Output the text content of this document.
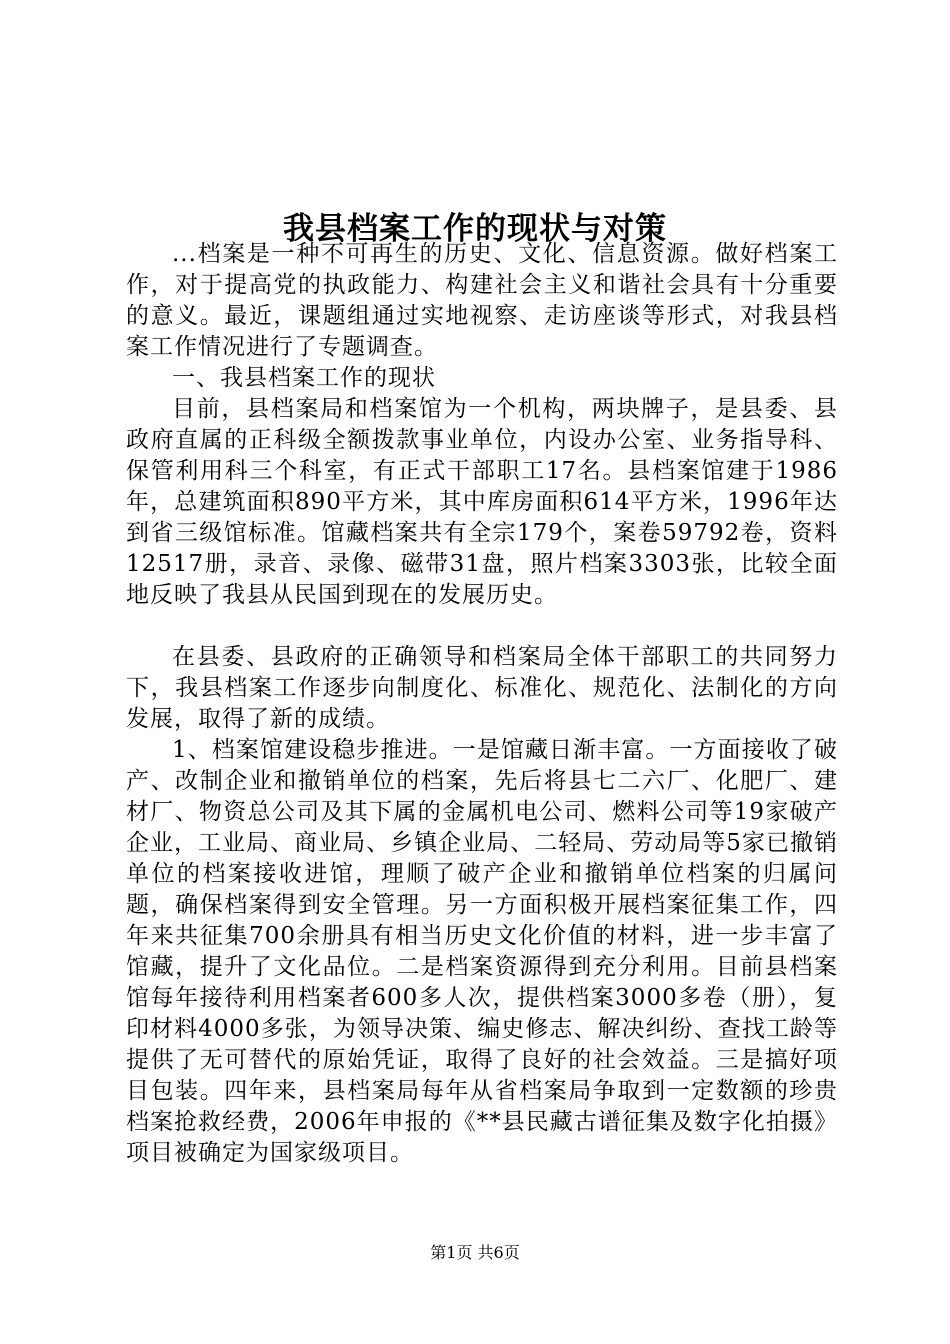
我县档案工作的现状与对策

...档案是一种不可再生的历史、文化、信息资源。做好档案工作，对于提高党的执政能力、构建社会主义和谐社会具有十分重要的意义。最近，课题组通过实地视察、走访座谈等形式，对我县档案工作情况进行了专题调查。

一、我县档案工作的现状

目前，县档案局和档案馆为一个机构，两块牌子，是县委、县政府直属的正科级全额拨款事业单位，内设办公室、业务指导科、保管利用科三个科室，有正式干部职工17名。县档案馆建于1986年，总建筑面积890平方米，其中库房面积614平方米，1996年达到省三级馆标准。馆藏档案共有全宗179个，案卷59792卷，资料12517册，录音、录像、磁带31盘，照片档案3303张，比较全面地反映了我县从民国到现在的发展历史。

在县委、县政府的正确领导和档案局全体干部职工的共同努力下，我县档案工作逐步向制度化、标准化、规范化、法制化的方向发展，取得了新的成绩。

1、档案馆建设稳步推进。一是馆藏日渐丰富。一方面接收了破产、改制企业和撤销单位的档案，先后将县七二六厂、化肥厂、建材厂、物资总公司及其下属的金属机电公司、燃料公司等19家破产企业，工业局、商业局、乡镇企业局、二轻局、劳动局等5家已撤销单位的档案接收进馆，理顺了破产企业和撤销单位档案的归属问题，确保档案得到安全管理。另一方面积极开展档案征集工作，四年来共征集700余册具有相当历史文化价值的材料，进一步丰富了馆藏，提升了文化品位。二是档案资源得到充分利用。目前县档案馆每年接待利用档案者600多人次，提供档案3000多卷（册），复印材料4000多张，为领导决策、编史修志、解决纠纷、查找工龄等提供了无可替代的原始凭证，取得了良好的社会效益。三是搞好项目包装。四年来，县档案局每年从省档案局争取到一定数额的珍贵档案抢救经费，2006年申报的《**县民藏古谱征集及数字化拍摄》项目被确定为国家级项目。

第1页 共6页
